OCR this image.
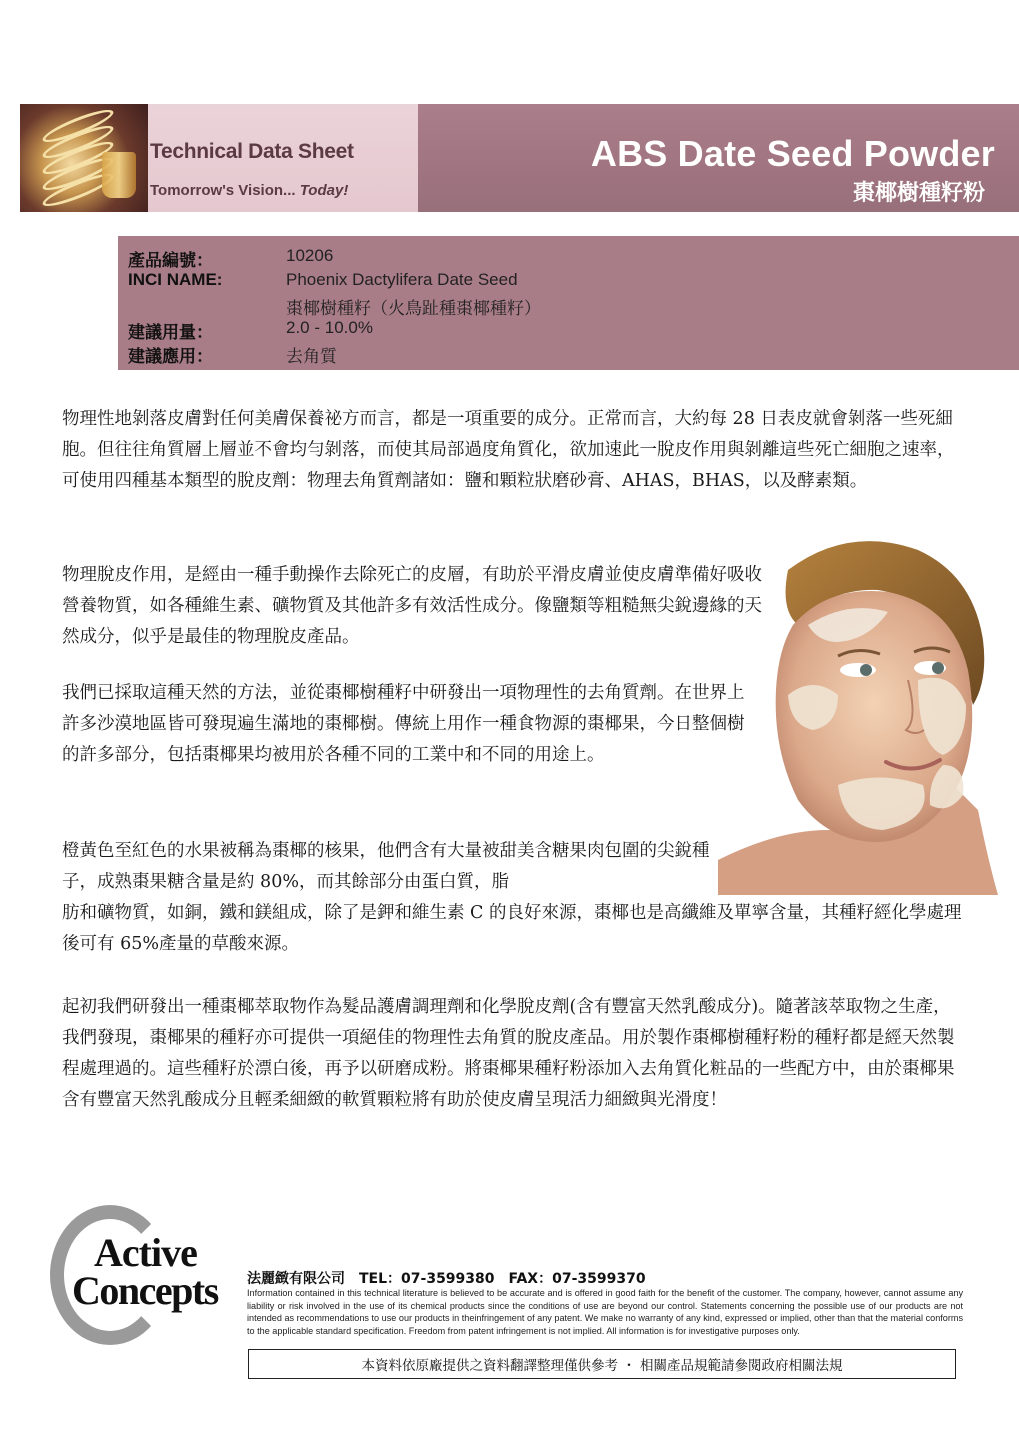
Technical Data Sheet
Tomorrow's Vision... Today!
ABS Date Seed Powder
棗椰樹種籽粉
產品編號：	10206
INCI NAME:	Phoenix Dactylifera Date Seed
棗椰樹種籽（火鳥趾種棗椰種籽）
建議用量：	2.0 - 10.0%
建議應用：	去角質

物理性地剝落皮膚對任何美膚保養祕方而言，都是一項重要的成分。正常而言，大約每 28 日表皮就會剝落一些死細胞。但往往角質層上層並不會均勻剝落，而使其局部過度角質化，欲加速此一脫皮作用與剝離這些死亡細胞之速率，可使用四種基本類型的脫皮劑：物理去角質劑諸如：鹽和顆粒狀磨砂膏、AHAS，BHAS，以及酵素類。

物理脫皮作用，是經由一種手動操作去除死亡的皮層，有助於平滑皮膚並使皮膚準備好吸收營養物質，如各種維生素、礦物質及其他許多有效活性成分。像鹽類等粗糙無尖銳邊緣的天然成分，似乎是最佳的物理脫皮產品。

我們已採取這種天然的方法，並從棗椰樹種籽中研發出一項物理性的去角質劑。在世界上許多沙漠地區皆可發現遍生滿地的棗椰樹。傳統上用作一種食物源的棗椰果，今日整個樹的許多部分，包括棗椰果均被用於各種不同的工業中和不同的用途上。

橙黃色至紅色的水果被稱為棗椰的核果，他們含有大量被甜美含糖果肉包圍的尖銳種子，成熟棗果糖含量是約 80%，而其餘部分由蛋白質，脂
肪和礦物質，如銅，鐵和鎂組成，除了是鉀和維生素 C 的良好來源，棗椰也是高纖維及單寧含量，其種籽經化學處理後可有 65%產量的草酸來源。

起初我們研發出一種棗椰萃取物作為髮品護膚調理劑和化學脫皮劑(含有豐富天然乳酸成分)。隨著該萃取物之生產，我們發現，棗椰果的種籽亦可提供一項絕佳的物理性去角質的脫皮產品。用於製作棗椰樹種籽粉的種籽都是經天然製程處理過的。這些種籽於漂白後，再予以研磨成粉。將棗椰果種籽粉添加入去角質化粧品的一些配方中，由於棗椰果含有豐富天然乳酸成分且輕柔細緻的軟質顆粒將有助於使皮膚呈現活力細緻與光滑度！

Active
Concepts 法麗緻有限公司 TEL：07-3599380 FAX：07-3599370

Information contained in this technical literature is believed to be accurate and is offered in good faith for the benefit of the customer. The company, however, cannot assume any liability or risk involved in the use of its chemical products since the conditions of use are beyond our control. Statements concerning the possible use of our products are not intended as recommendations to use our products in theinfringement of any patent. We make no warranty of any kind, expressed or implied, other than that the material conforms to the applicable standard specification. Freedom from patent infringement is not implied. All information is for investigative purposes only.

本資料依原廠提供之資料翻譯整理僅供參考 ・ 相關產品規範請參閱政府相關法規
